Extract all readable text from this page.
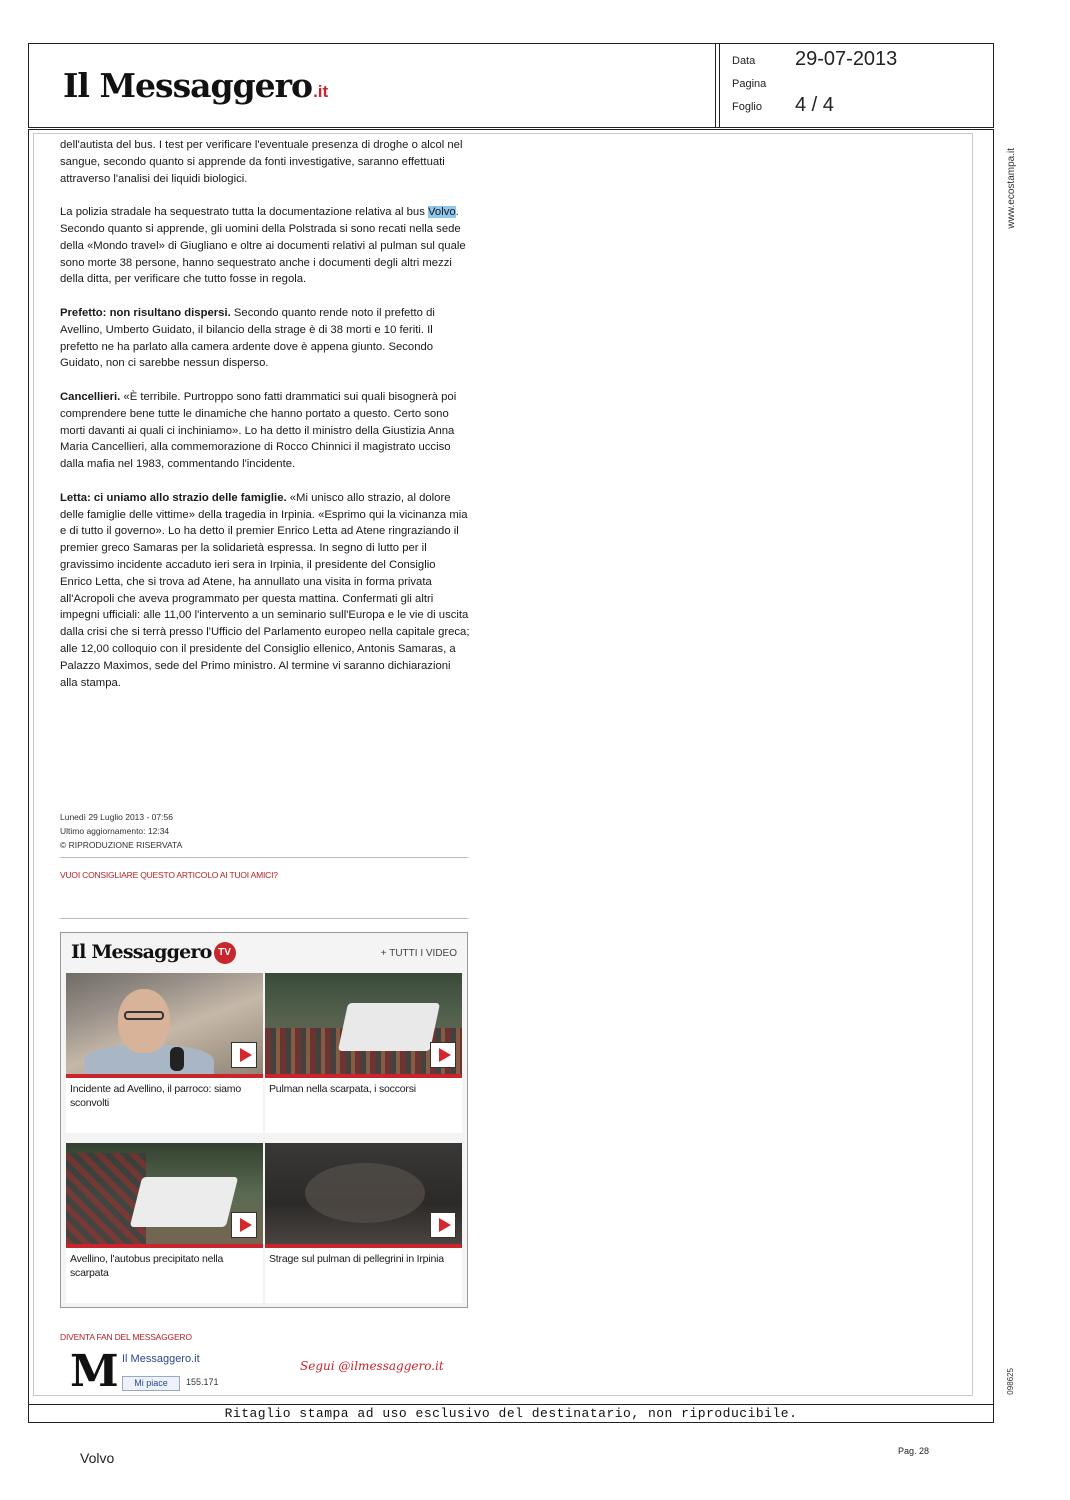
Il Messaggero.it
Data 29-07-2013
Pagina
Foglio 4 / 4
Ritaglio stampa ad uso esclusivo del destinatario, non riproducibile.
www.ecostampa.it
098625

dell'autista del bus. I test per verificare l'eventuale presenza di droghe o alcol nel sangue, secondo quanto si apprende da fonti investigative, saranno effettuati attraverso l'analisi dei liquidi biologici.

La polizia stradale ha sequestrato tutta la documentazione relativa al bus Volvo. Secondo quanto si apprende, gli uomini della Polstrada si sono recati nella sede della «Mondo travel» di Giugliano e oltre ai documenti relativi al pulman sul quale sono morte 38 persone, hanno sequestrato anche i documenti degli altri mezzi della ditta, per verificare che tutto fosse in regola.

Prefetto: non risultano dispersi. Secondo quanto rende noto il prefetto di Avellino, Umberto Guidato, il bilancio della strage è di 38 morti e 10 feriti. Il prefetto ne ha parlato alla camera ardente dove è appena giunto. Secondo Guidato, non ci sarebbe nessun disperso.

Cancellieri. «È terribile. Purtroppo sono fatti drammatici sui quali bisognerà poi comprendere bene tutte le dinamiche che hanno portato a questo. Certo sono morti davanti ai quali ci inchiniamo». Lo ha detto il ministro della Giustizia Anna Maria Cancellieri, alla commemorazione di Rocco Chinnici il magistrato ucciso dalla mafia nel 1983, commentando l'incidente.

Letta: ci uniamo allo strazio delle famiglie. «Mi unisco allo strazio, al dolore delle famiglie delle vittime» della tragedia in Irpinia. «Esprimo qui la vicinanza mia e di tutto il governo». Lo ha detto il premier Enrico Letta ad Atene ringraziando il premier greco Samaras per la solidarietà espressa. In segno di lutto per il gravissimo incidente accaduto ieri sera in Irpinia, il presidente del Consiglio Enrico Letta, che si trova ad Atene, ha annullato una visita in forma privata all'Acropoli che aveva programmato per questa mattina. Confermati gli altri impegni ufficiali: alle 11,00 l'intervento a un seminario sull'Europa e le vie di uscita dalla crisi che si terrà presso l'Ufficio del Parlamento europeo nella capitale greca; alle 12,00 colloquio con il presidente del Consiglio ellenico, Antonis Samaras, a Palazzo Maximos, sede del Primo ministro. Al termine vi saranno dichiarazioni alla stampa.

Lunedì 29 Luglio 2013 - 07:56
Ultimo aggiornamento: 12:34
© RIPRODUZIONE RISERVATA
VUOI CONSIGLIARE QUESTO ARTICOLO AI TUOI AMICI?
Il Messaggero TV	+ TUTTI I VIDEO
Incidente ad Avellino, il parroco: siamo sconvolti
Pulman nella scarpata, i soccorsi
Avellino, l'autobus precipitato nella scarpata
Strage sul pulman di pellegrini in Irpinia
DIVENTA FAN DEL MESSAGGERO
M Il Messaggero.it
Mi piace	155.171
Segui @ilmessaggero.it
Volvo	Pag. 28
